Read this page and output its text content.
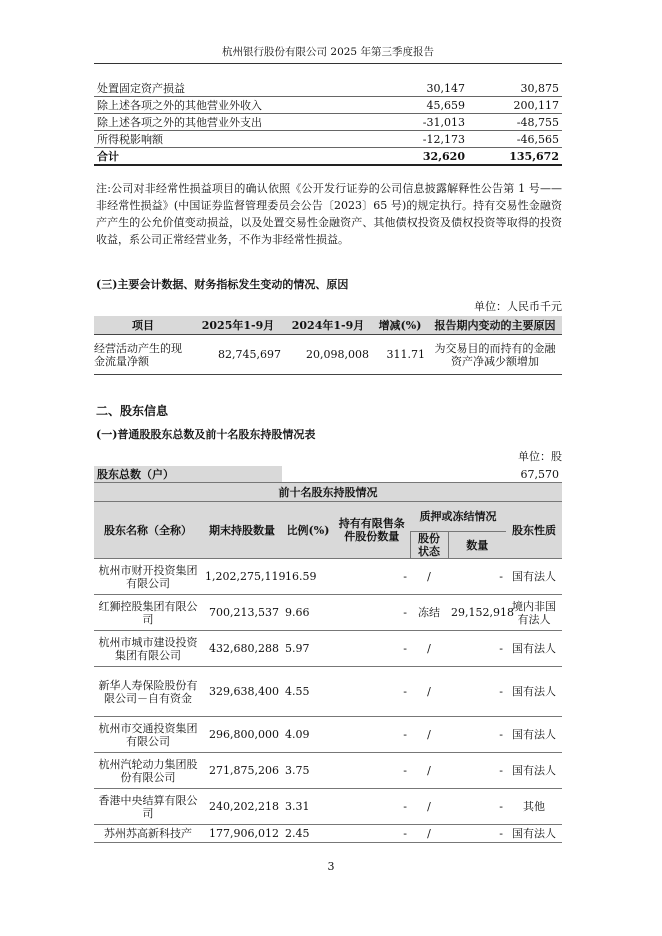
杭州银行股份有限公司 2025 年第三季度报告
处置固定资产损益	30,147	30,875
除上述各项之外的其他营业外收入	45,659	200,117
除上述各项之外的其他营业外支出	-31,013	-48,755
所得税影响额	-12,173	-46,565
合计	32,620	135,672
注:公司对非经常性损益项目的确认依照《公开发行证券的公司信息披露解释性公告第 1 号——非经常性损益》(中国证券监督管理委员会公告〔2023〕65 号)的规定执行。持有交易性金融资产产生的公允价值变动损益，以及处置交易性金融资产、其他债权投资及债权投资等取得的投资收益，系公司正常经营业务，不作为非经常性损益。
(三)主要会计数据、财务指标发生变动的情况、原因
单位：人民币千元
项目	2025年1-9月	2024年1-9月	增减(%)	报告期内变动的主要原因
经营活动产生的现金流量净额	82,745,697	20,098,008	311.71	为交易目的而持有的金融资产净减少额增加
二、股东信息
(一)普通股股东总数及前十名股东持股情况表
单位：股
股东总数（户）		67,570				
前十名股东持股情况						
股东名称（全称）	期末持股数量	比例(%)	持有有限售条件股份数量	质押或冻结情况		股东性质
				股份状态	数量	
杭州市财开投资集团有限公司	1,202,275,119	16.59	-	/	-	国有法人
红狮控股集团有限公司	700,213,537	9.66	-	冻结	29,152,918	境内非国有法人
杭州市城市建设投资集团有限公司	432,680,288	5.97	-	/	-	国有法人
新华人寿保险股份有限公司－自有资金	329,638,400	4.55	-	/	-	国有法人
杭州市交通投资集团有限公司	296,800,000	4.09	-	/	-	国有法人
杭州汽轮动力集团股份有限公司	271,875,206	3.75	-	/	-	国有法人
香港中央结算有限公司	240,202,218	3.31	-	/	-	其他
苏州苏高新科技产	177,906,012	2.45	-	/	-	国有法人
3
